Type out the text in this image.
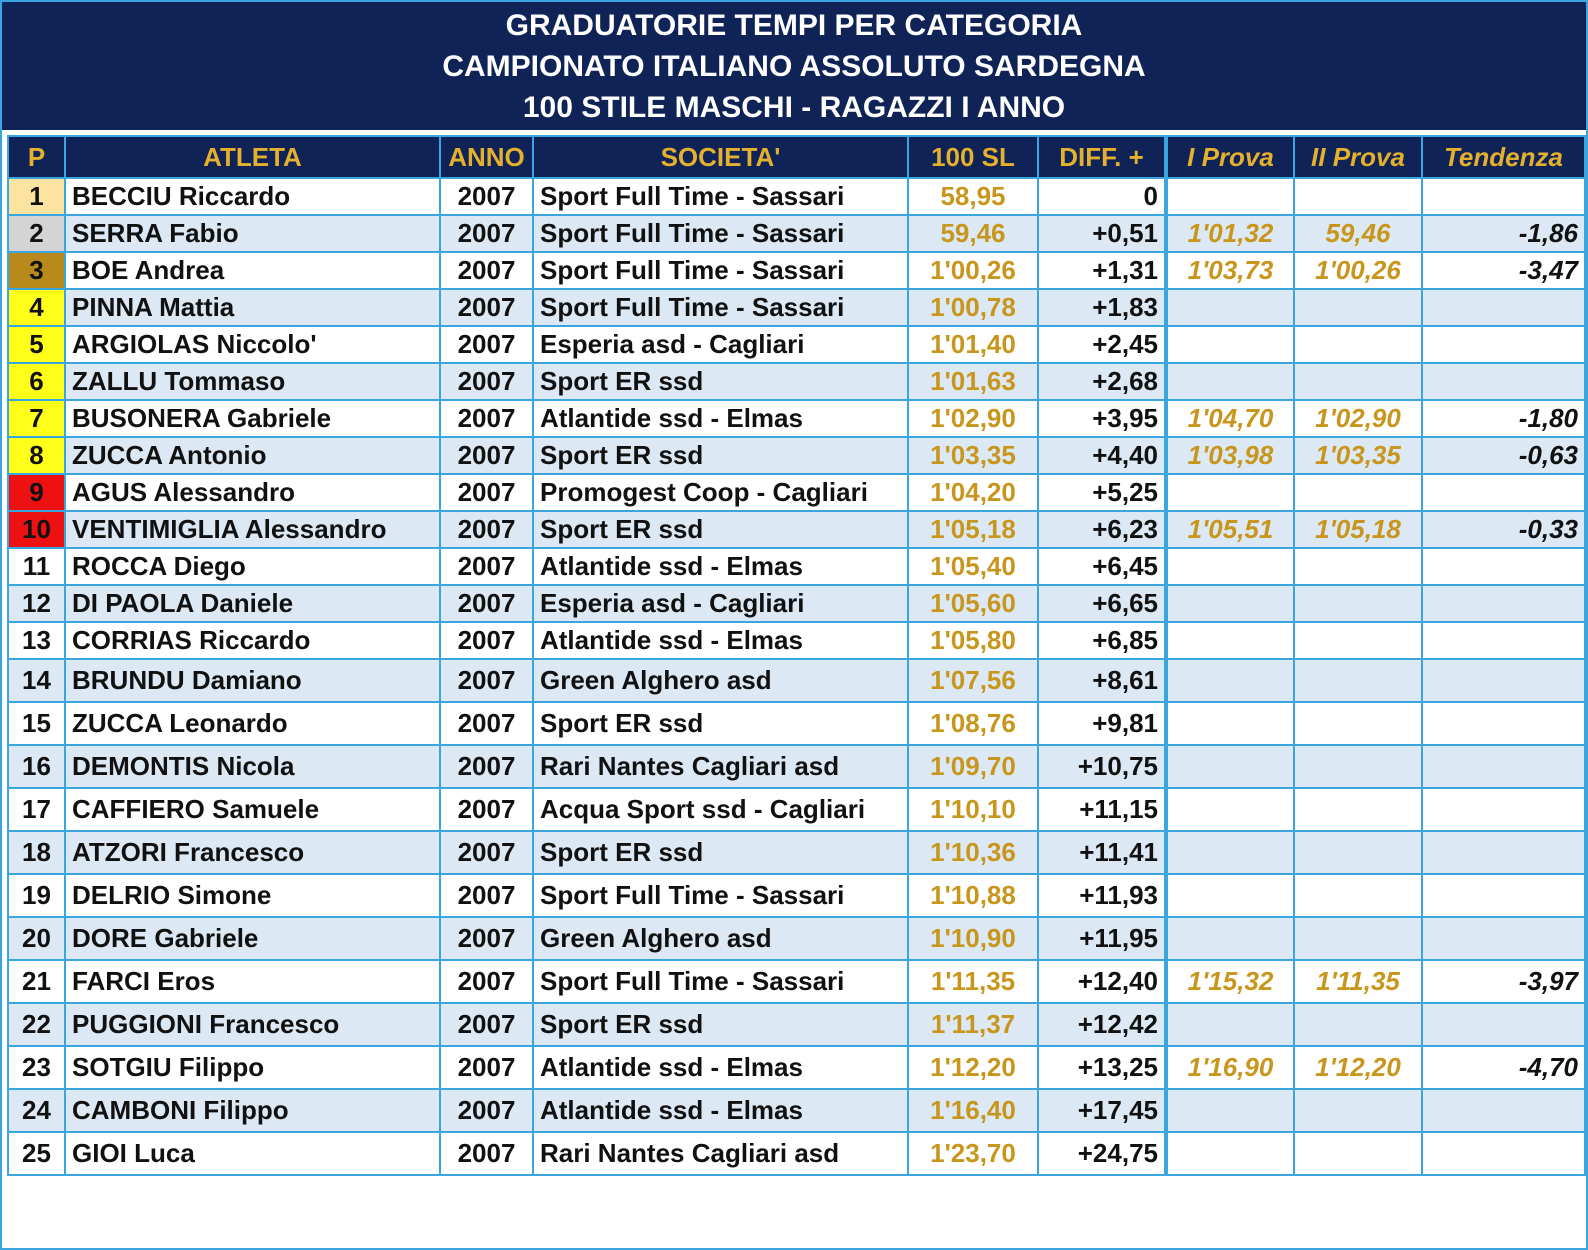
GRADUATORIE TEMPI PER CATEGORIA
CAMPIONATO ITALIANO ASSOLUTO SARDEGNA
100 STILE MASCHI - RAGAZZI I ANNO
P	ATLETA	ANNO	SOCIETA'	100 SL	DIFF. +	I Prova	II Prova	Tendenza
1	BECCIU Riccardo	2007	Sport Full Time - Sassari	58,95	0			
2	SERRA Fabio	2007	Sport Full Time - Sassari	59,46	+0,51	1'01,32	59,46	-1,86
3	BOE Andrea	2007	Sport Full Time - Sassari	1'00,26	+1,31	1'03,73	1'00,26	-3,47
4	PINNA Mattia	2007	Sport Full Time - Sassari	1'00,78	+1,83			
5	ARGIOLAS Niccolo'	2007	Esperia asd - Cagliari	1'01,40	+2,45			
6	ZALLU Tommaso	2007	Sport ER ssd	1'01,63	+2,68			
7	BUSONERA Gabriele	2007	Atlantide ssd - Elmas	1'02,90	+3,95	1'04,70	1'02,90	-1,80
8	ZUCCA Antonio	2007	Sport ER ssd	1'03,35	+4,40	1'03,98	1'03,35	-0,63
9	AGUS Alessandro	2007	Promogest Coop - Cagliari	1'04,20	+5,25			
10	VENTIMIGLIA Alessandro	2007	Sport ER ssd	1'05,18	+6,23	1'05,51	1'05,18	-0,33
11	ROCCA Diego	2007	Atlantide ssd - Elmas	1'05,40	+6,45			
12	DI PAOLA Daniele	2007	Esperia asd - Cagliari	1'05,60	+6,65			
13	CORRIAS Riccardo	2007	Atlantide ssd - Elmas	1'05,80	+6,85			
14	BRUNDU Damiano	2007	Green Alghero asd	1'07,56	+8,61			
15	ZUCCA Leonardo	2007	Sport ER ssd	1'08,76	+9,81			
16	DEMONTIS Nicola	2007	Rari Nantes Cagliari asd	1'09,70	+10,75			
17	CAFFIERO Samuele	2007	Acqua Sport ssd - Cagliari	1'10,10	+11,15			
18	ATZORI Francesco	2007	Sport ER ssd	1'10,36	+11,41			
19	DELRIO Simone	2007	Sport Full Time - Sassari	1'10,88	+11,93			
20	DORE Gabriele	2007	Green Alghero asd	1'10,90	+11,95			
21	FARCI Eros	2007	Sport Full Time - Sassari	1'11,35	+12,40	1'15,32	1'11,35	-3,97
22	PUGGIONI Francesco	2007	Sport ER ssd	1'11,37	+12,42			
23	SOTGIU Filippo	2007	Atlantide ssd - Elmas	1'12,20	+13,25	1'16,90	1'12,20	-4,70
24	CAMBONI Filippo	2007	Atlantide ssd - Elmas	1'16,40	+17,45			
25	GIOI Luca	2007	Rari Nantes Cagliari asd	1'23,70	+24,75			
